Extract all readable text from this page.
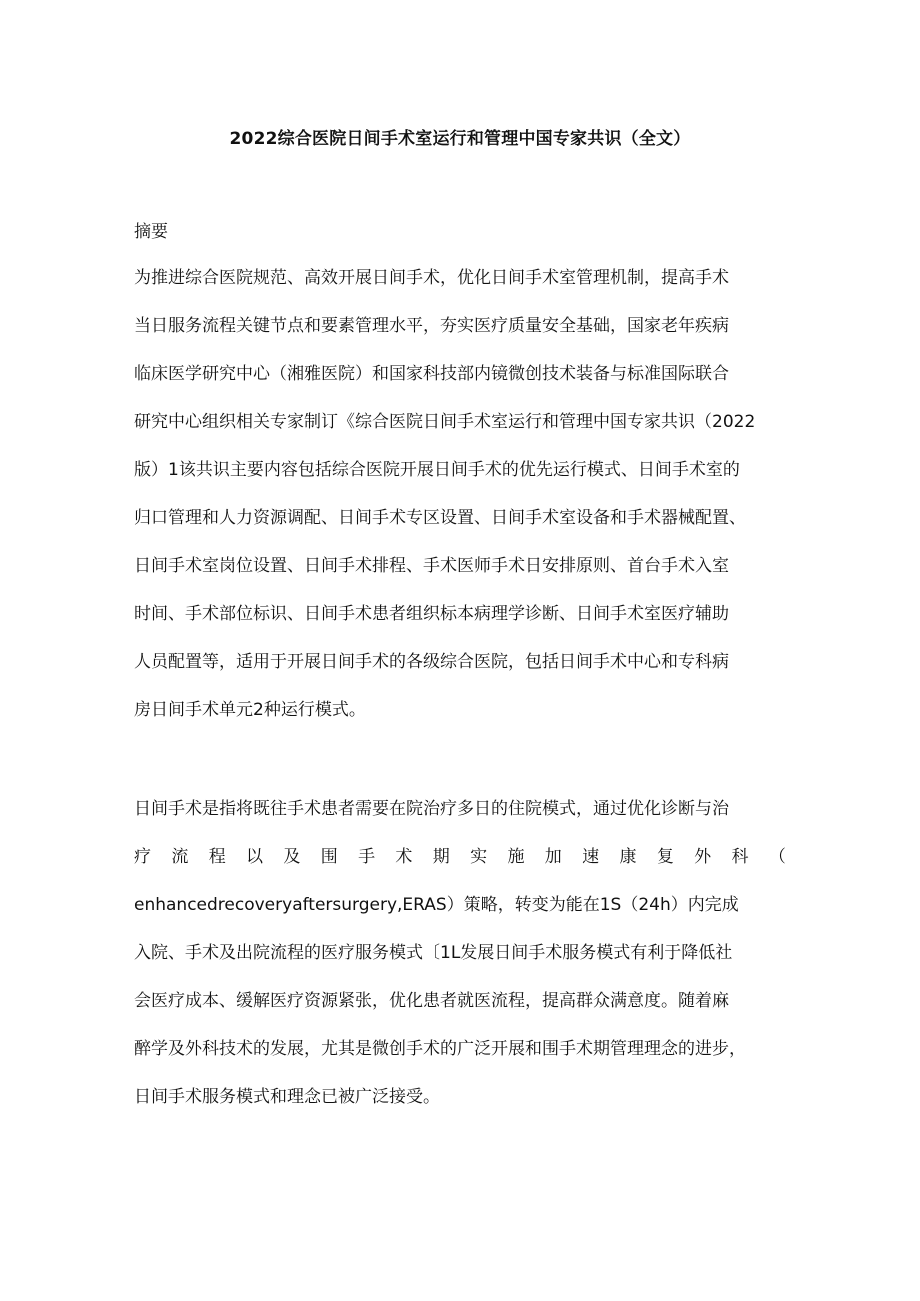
2022综合医院日间手术室运行和管理中国专家共识（全文）
摘要
为推进综合医院规范、高效开展日间手术，优化日间手术室管理机制，提高手术
当日服务流程关键节点和要素管理水平，夯实医疗质量安全基础，国家老年疾病
临床医学研究中心（湘雅医院）和国家科技部内镜微创技术装备与标准国际联合
研究中心组织相关专家制订《综合医院日间手术室运行和管理中国专家共识（2022
版）1该共识主要内容包括综合医院开展日间手术的优先运行模式、日间手术室的
归口管理和人力资源调配、日间手术专区设置、日间手术室设备和手术器械配置、
日间手术室岗位设置、日间手术排程、手术医师手术日安排原则、首台手术入室
时间、手术部位标识、日间手术患者组织标本病理学诊断、日间手术室医疗辅助
人员配置等，适用于开展日间手术的各级综合医院，包括日间手术中心和专科病
房日间手术单元2种运行模式。
日间手术是指将既往手术患者需要在院治疗多日的住院模式，通过优化诊断与治
疗 流 程 以 及 围 手 术 期 实 施 加 速 康 复 外 科 （
enhancedrecoveryaftersurgery,ERAS）策略，转变为能在1S（24h）内完成
入院、手术及出院流程的医疗服务模式〔1L发展日间手术服务模式有利于降低社
会医疗成本、缓解医疗资源紧张，优化患者就医流程，提高群众满意度。随着麻
醉学及外科技术的发展，尤其是微创手术的广泛开展和围手术期管理理念的进步，
日间手术服务模式和理念已被广泛接受。
